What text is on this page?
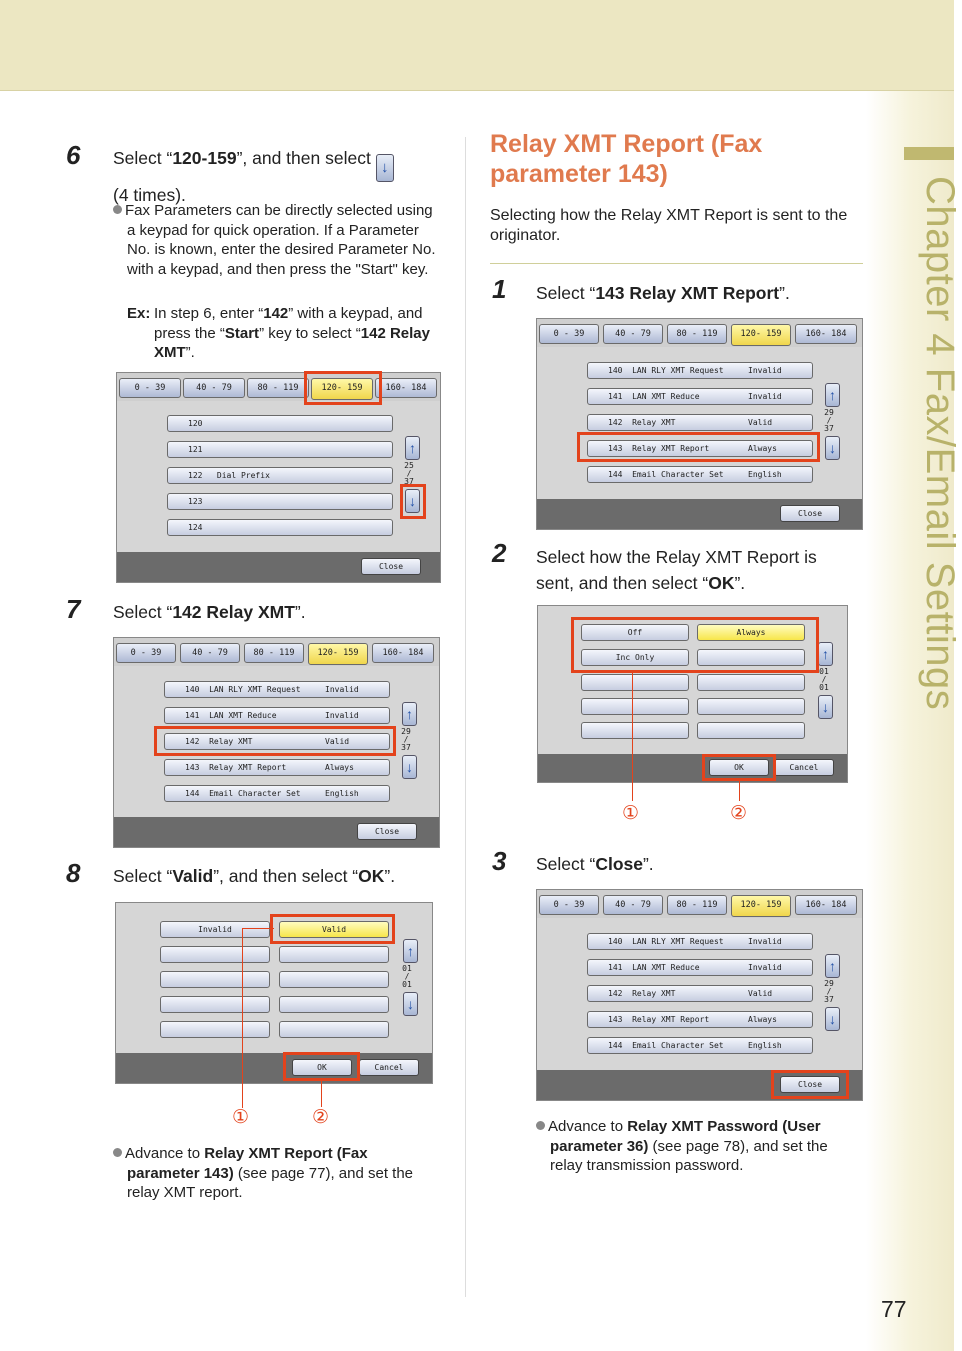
Chapter 4 Fax/Email Settings
77
6 Select “120-159”, and then select ↓
(4 times).
Fax Parameters can be directly selected using a keypad for quick operation. If a Parameter No. is known, enter the desired Parameter No. with a keypad, and then press the "Start" key.
Ex: In step 6, enter “142” with a keypad, and press the “Start” key to select “142 Relay XMT”.
0 - 39	40 - 79	80 - 119	120- 159	160- 184
120
121
122   Dial Prefix
123
124
↑
25
/
37
↓
Close
7 Select “142 Relay XMT”.
0 - 39	40 - 79	80 - 119	120- 159	160- 184
140 LAN RLY XMT Request	Invalid
141 LAN XMT Reduce	Invalid
142 Relay XMT	Valid
143 Relay XMT Report	Always
144 Email Character Set	English
↑
29
/
37
↓
Close
8 Select “Valid”, and then select “OK”.
Invalid	Valid
↑
01
/
01
↓
OK	Cancel
①	②
Advance to Relay XMT Report (Fax parameter 143) (see page 77), and set the relay XMT report.
Relay XMT Report (Fax parameter 143)
Selecting how the Relay XMT Report is sent to the originator.
1 Select “143 Relay XMT Report”.
0 - 39	40 - 79	80 - 119	120- 159	160- 184
140 LAN RLY XMT Request	Invalid
141 LAN XMT Reduce	Invalid
142 Relay XMT	Valid
143 Relay XMT Report	Always
144 Email Character Set	English
↑
29
/
37
↓
Close
2 Select how the Relay XMT Report is sent, and then select “OK”.
Off	Always
Inc Only	↑
01
/
01
↓
OK	Cancel
①	②
3 Select “Close”.
0 - 39	40 - 79	80 - 119	120- 159	160- 184
140 LAN RLY XMT Request	Invalid
141 LAN XMT Reduce	Invalid
142 Relay XMT	Valid
143 Relay XMT Report	Always
144 Email Character Set	English
↑
29
/
37
↓
Close
Advance to Relay XMT Password (User parameter 36) (see page 78), and set the relay transmission password.
